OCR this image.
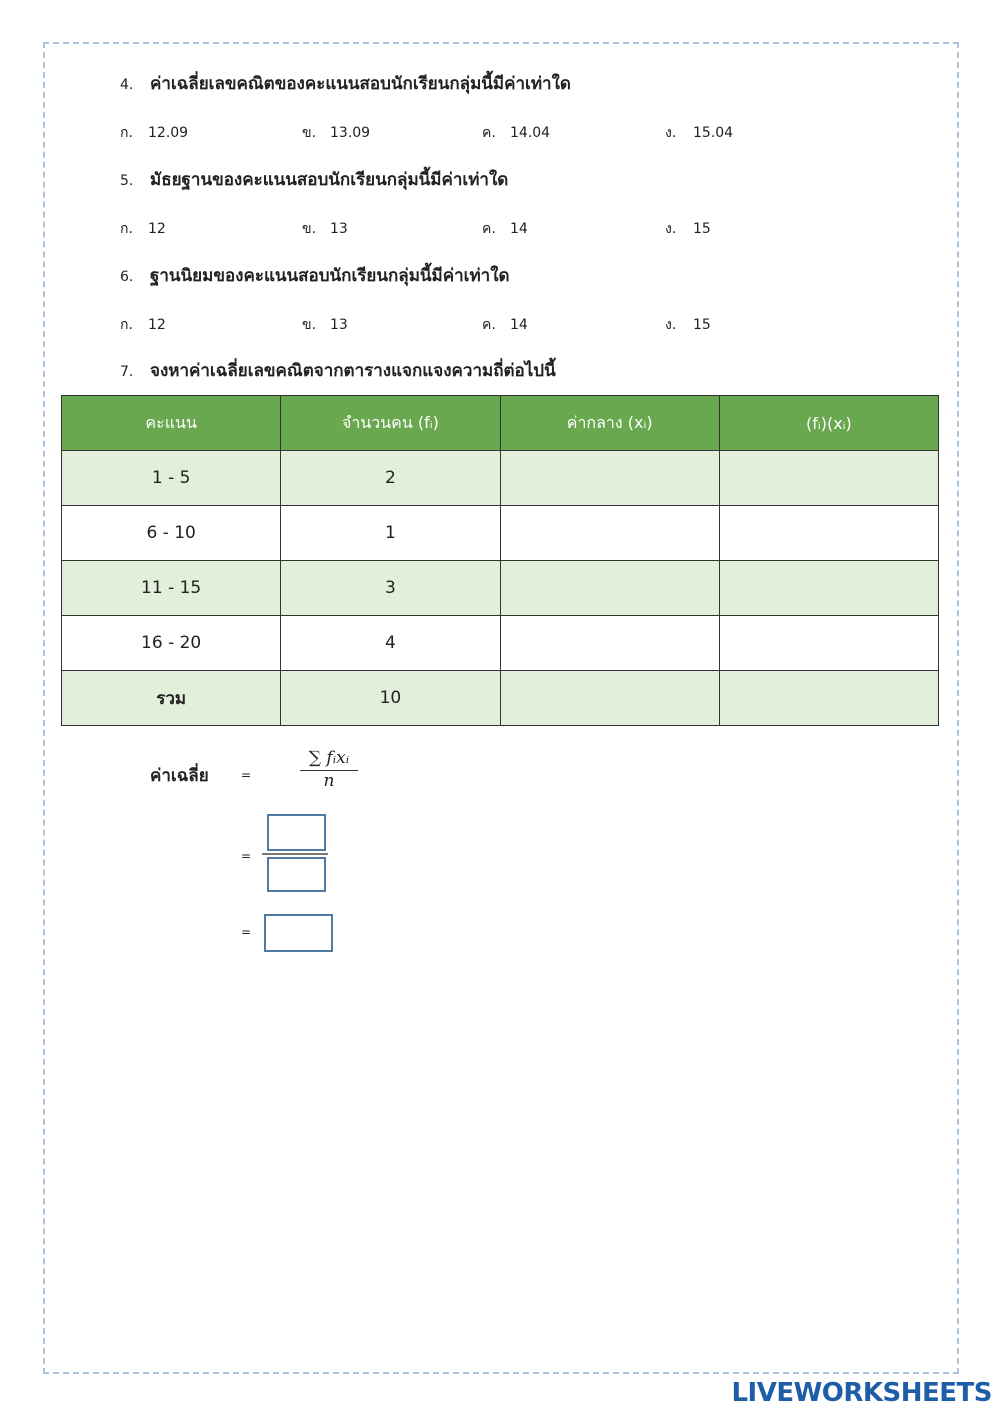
4. ค่าเฉลี่ยเลขคณิตของคะแนนสอบนักเรียนกลุ่มนี้มีค่าเท่าใด
ก. 12.09	ข. 13.09	ค. 14.04	ง. 15.04
5. มัธยฐานของคะแนนสอบนักเรียนกลุ่มนี้มีค่าเท่าใด
ก. 12	ข. 13	ค. 14	ง. 15
6. ฐานนิยมของคะแนนสอบนักเรียนกลุ่มนี้มีค่าเท่าใด
ก. 12	ข. 13	ค. 14	ง. 15
7. จงหาค่าเฉลี่ยเลขคณิตจากตารางแจกแจงความถี่ต่อไปนี้
คะแนน	จำนวนคน (fᵢ)	ค่ากลาง (xᵢ)	(fᵢ)(xᵢ)
1 - 5	2		
6 - 10	1		
11 - 15	3		
16 - 20	4		
รวม	10		
ค่าเฉลี่ย	=
∑ fᵢxᵢ
n
=
=
LIVEWORKSHEETS
